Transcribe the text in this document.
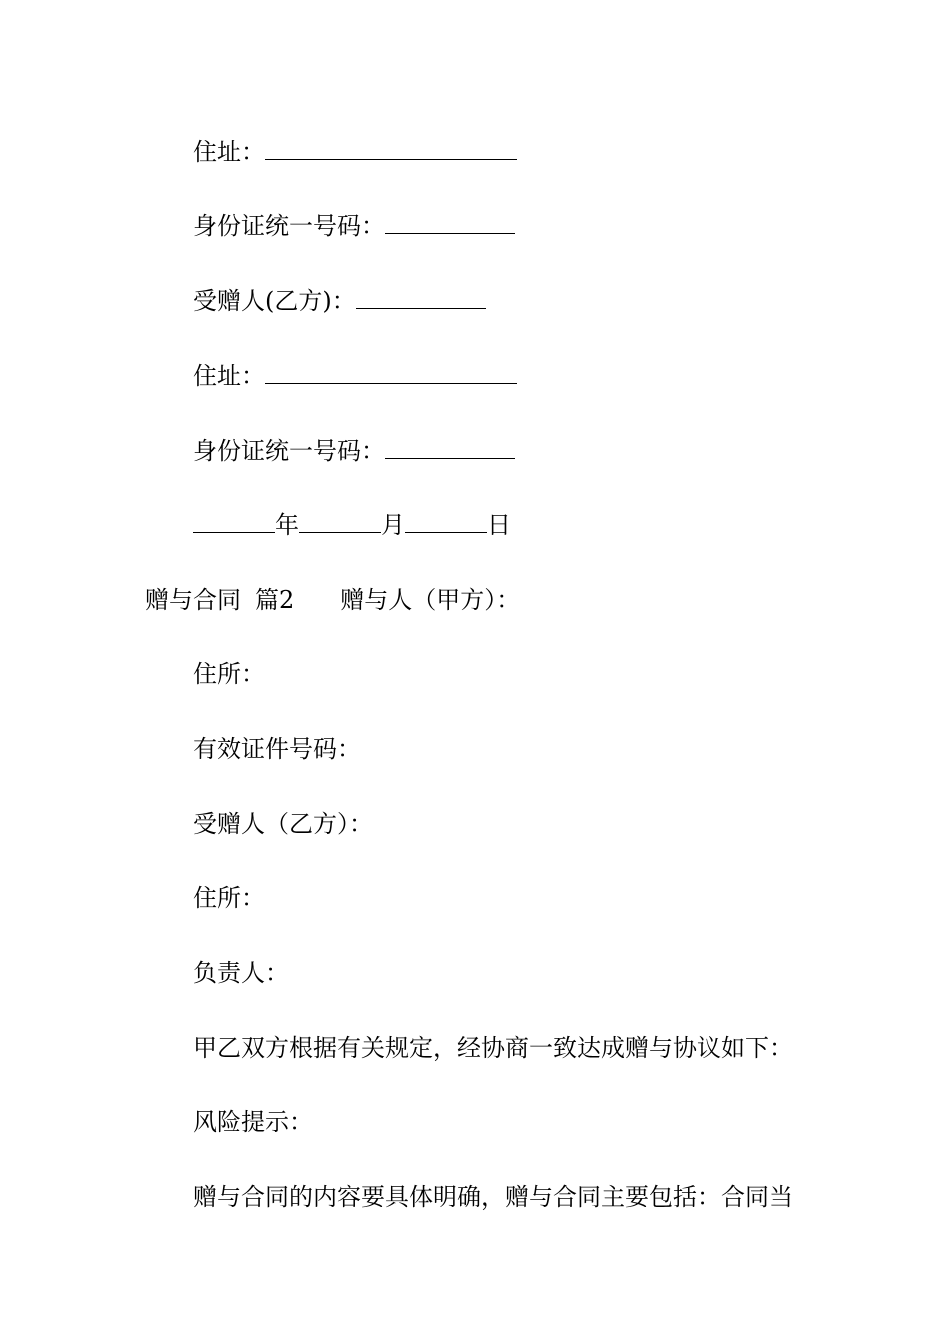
住址：
身份证统一号码：
受赠人(乙方)：
住址：
身份证统一号码：
年	月	日
赠与合同 篇2 赠与人（甲方）：
住所：
有效证件号码：
受赠人（乙方）：
住所：
负责人：
甲乙双方根据有关规定，经协商一致达成赠与协议如下：
风险提示：
赠与合同的内容要具体明确，赠与合同主要包括：合同当
